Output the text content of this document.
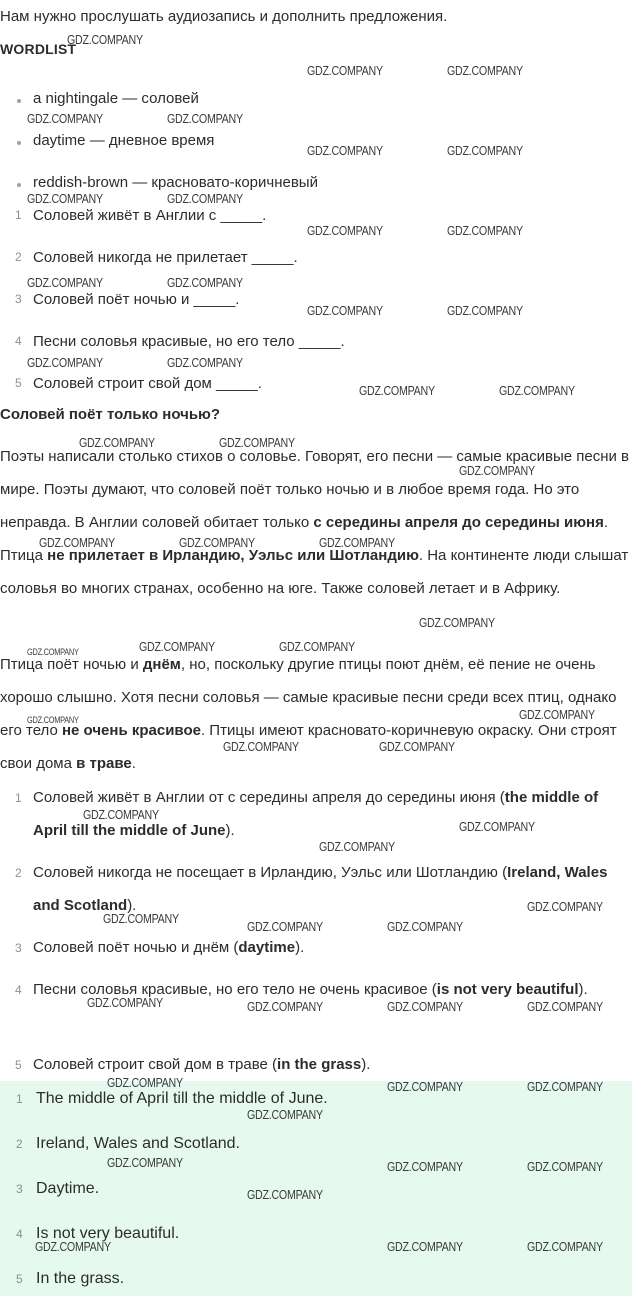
Нам нужно прослушать аудиозапись и дополнить предложения.
WORDLIST
a nightingale — соловей
daytime — дневное время
reddish-brown — красновато-коричневый
1 Соловей живёт в Англии с _____.
2 Соловей никогда не прилетает _____.
3 Соловей поёт ночью и _____.
4 Песни соловья красивые, но его тело _____.
5 Соловей строит свой дом _____.
Соловей поёт только ночью?
Поэты написали столько стихов о соловье. Говорят, его песни — самые красивые песни в мире. Поэты думают, что соловей поёт только ночью и в любое время года. Но это неправда. В Англии соловей обитает только с середины апреля до середины июня. Птица не прилетает в Ирландию, Уэльс или Шотландию. На континенте люди слышат соловья во многих странах, особенно на юге. Также соловей летает и в Африку.
Птица поёт ночью и днём, но, поскольку другие птицы поют днём, её пение не очень хорошо слышно. Хотя песни соловья — самые красивые песни среди всех птиц, однако его тело не очень красивое. Птицы имеют красновато-коричневую окраску. Они строят свои дома в траве.
1 Соловей живёт в Англии от с середины апреля до середины июня (the middle of April till the middle of June).
2 Соловей никогда не посещает в Ирландию, Уэльс или Шотландию (Ireland, Wales and Scotland).
3 Соловей поёт ночью и днём (daytime).
4 Песни соловья красивые, но его тело не очень красивое (is not very beautiful).
5 Соловей строит свой дом в траве (in the grass).
1 The middle of April till the middle of June.
2 Ireland, Wales and Scotland.
3 Daytime.
4 Is not very beautiful.
5 In the grass.
GDZ.COMPANY
GDZ.COMPANY	GDZ.COMPANY
GDZ.COMPANY	GDZ.COMPANY
GDZ.COMPANY	GDZ.COMPANY
GDZ.COMPANY	GDZ.COMPANY
GDZ.COMPANY	GDZ.COMPANY
GDZ.COMPANY	GDZ.COMPANY
GDZ.COMPANY	GDZ.COMPANY
GDZ.COMPANY	GDZ.COMPANY
GDZ.COMPANY	GDZ.COMPANY
GDZ.COMPANY	GDZ.COMPANY
GDZ.COMPANY
GDZ.COMPANY
GDZ.COMPANY	GDZ.COMPANY	GDZ.COMPANY
GDZ.COMPANY	GDZ.COMPANY	GDZ.COMPANY
GDZ.COMPANY	GDZ.COMPANY
GDZ.COMPANY	GDZ.COMPANY
GDZ.COMPANY
GDZ.COMPANY
GDZ.COMPANY
GDZ.COMPANY
GDZ.COMPANY
GDZ.COMPANY	GDZ.COMPANY
GDZ.COMPANY	GDZ.COMPANY	GDZ.COMPANY	GDZ.COMPANY
GDZ.COMPANY	GDZ.COMPANY	GDZ.COMPANY
GDZ.COMPANY
GDZ.COMPANY	GDZ.COMPANY	GDZ.COMPANY
GDZ.COMPANY
GDZ.COMPANY	GDZ.COMPANY	GDZ.COMPANY
